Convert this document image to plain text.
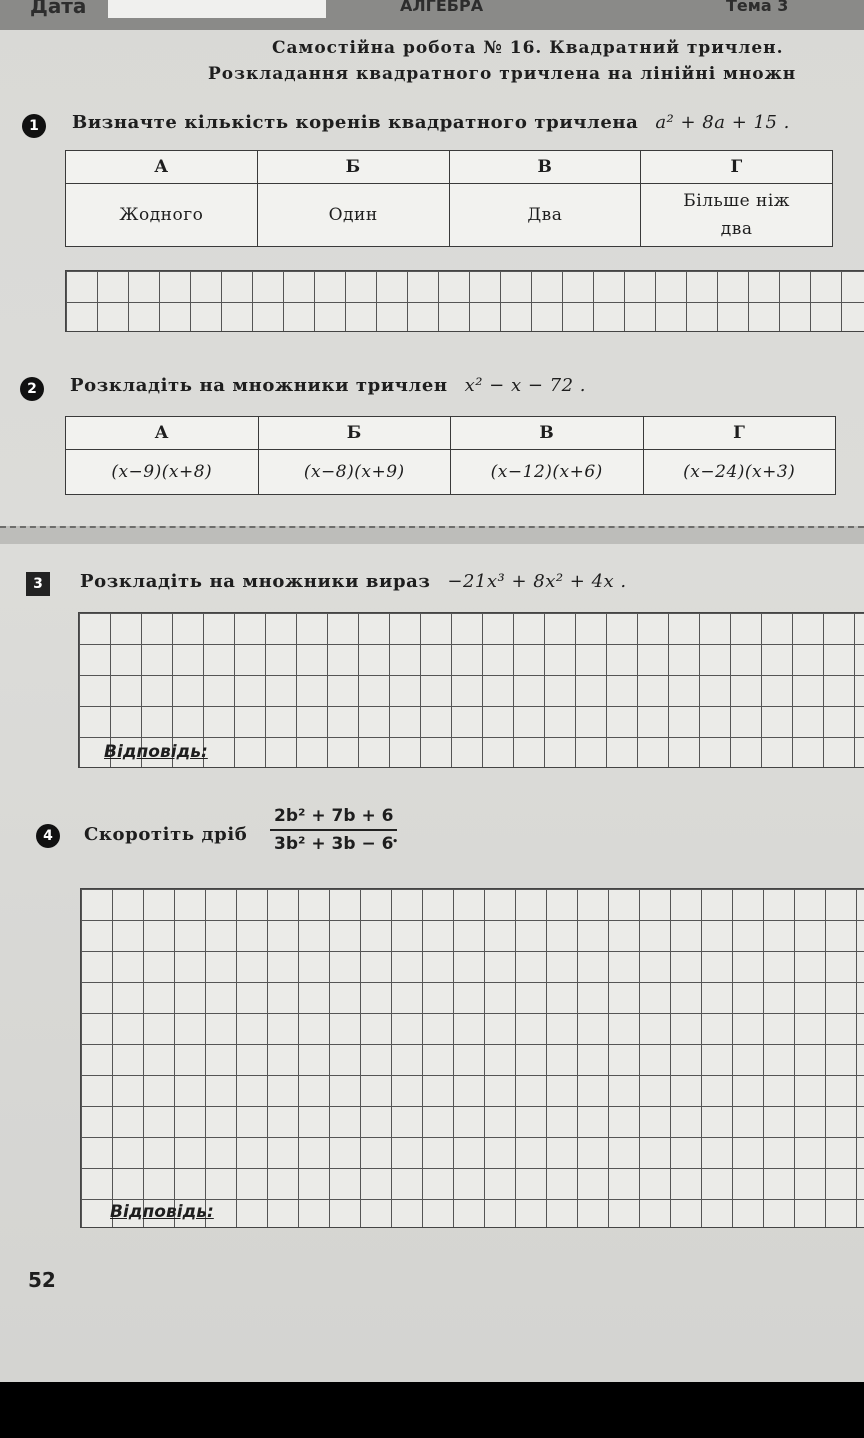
Дата	АЛГЕБРА	Тема 3
Самостійна робота № 16. Квадратний тричлен.
Розкладання квадратного тричлена на лінійні множн
1	Визначте кількість коренів квадратного тричлена a² + 8a + 15 .
А	Б	В	Г
Жодного	Один	Два	Більше ніж два
2	Розкладіть на множники тричлен x² − x − 72 .
А	Б	В	Г
(x−9)(x+8)	(x−8)(x+9)	(x−12)(x+6)	(x−24)(x+3)
3	Розкладіть на множники вираз −21x³ + 8x² + 4x .
Відповідь:
4	Скоротіть дріб $\frac{\text{2b² + 7b + 6}}{\text{3b² + 3b − 6}}$
.
Відповідь:
52
